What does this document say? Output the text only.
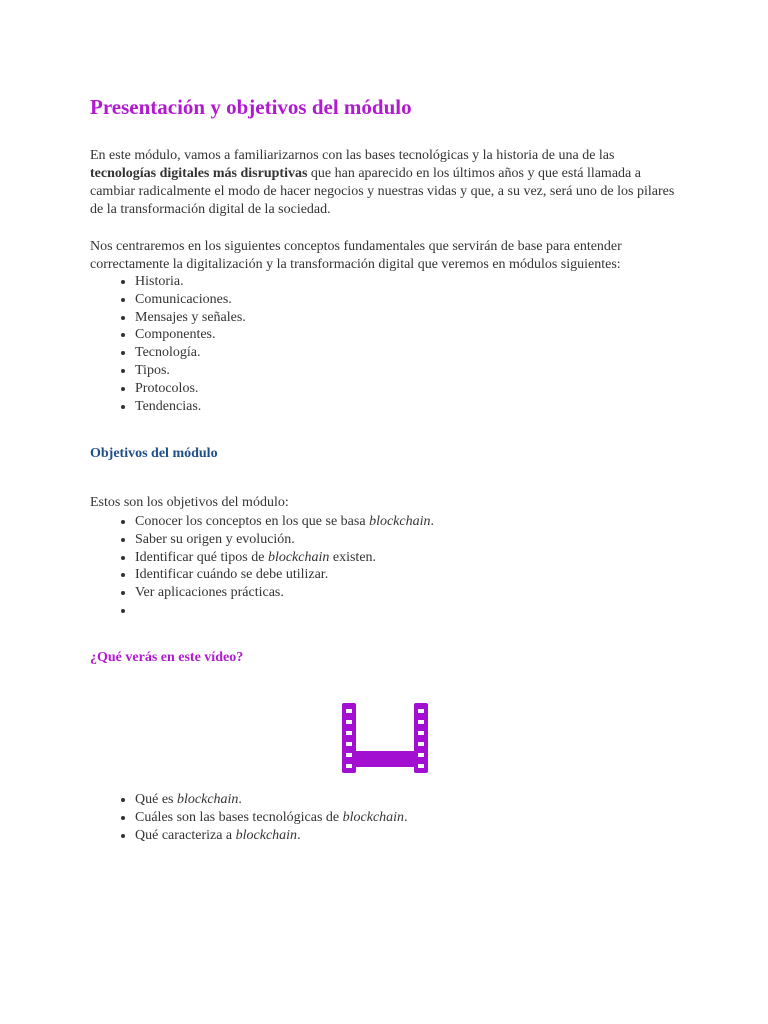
Presentación y objetivos del módulo

En este módulo, vamos a familiarizarnos con las bases tecnológicas y la historia de una de las tecnologías digitales más disruptivas que han aparecido en los últimos años y que está llamada a cambiar radicalmente el modo de hacer negocios y nuestras vidas y que, a su vez, será uno de los pilares de la transformación digital de la sociedad.

Nos centraremos en los siguientes conceptos fundamentales que servirán de base para entender correctamente la digitalización y la transformación digital que veremos en módulos siguientes:

• Historia.
• Comunicaciones.
• Mensajes y señales.
• Componentes.
• Tecnología.
• Tipos.
• Protocolos.
• Tendencias.
Objetivos del módulo

Estos son los objetivos del módulo:

• Conocer los conceptos en los que se basa blockchain.
• Saber su origen y evolución.
• Identificar qué tipos de blockchain existen.
• Identificar cuándo se debe utilizar.
• Ver aplicaciones prácticas.
•
¿Qué verás en este vídeo?
• Qué es blockchain.
• Cuáles son las bases tecnológicas de blockchain.
• Qué caracteriza a blockchain.
